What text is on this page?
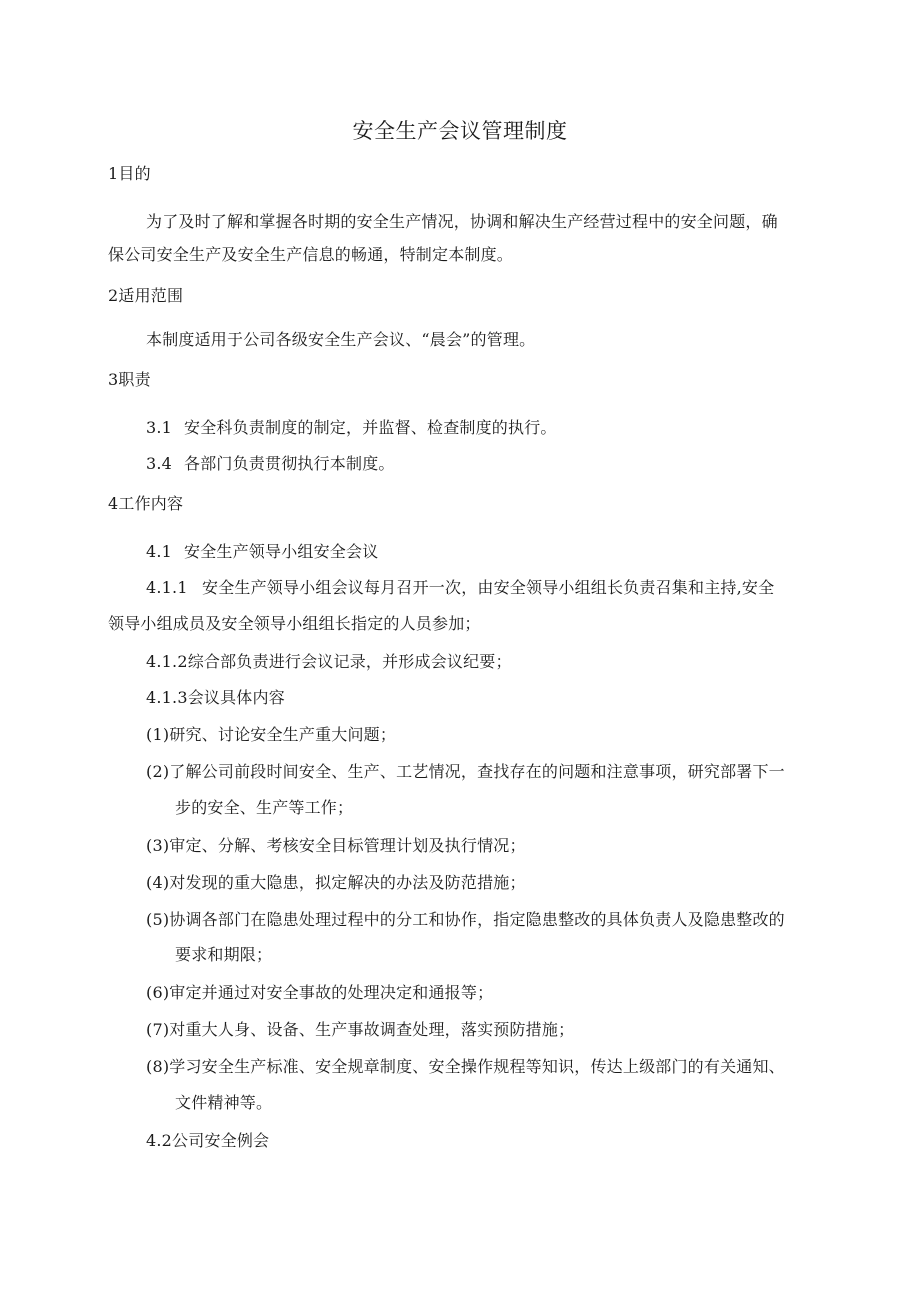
安全生产会议管理制度
1目的
为了及时了解和掌握各时期的安全生产情况，协调和解决生产经营过程中的安全问题，确
保公司安全生产及安全生产信息的畅通，特制定本制度。
2适用范围
本制度适用于公司各级安全生产会议、“晨会”的管理。
3职责
3.1 安全科负责制度的制定，并监督、检查制度的执行。
3.4 各部门负责贯彻执行本制度。
4工作内容
4.1 安全生产领导小组安全会议
4.1.1 安全生产领导小组会议每月召开一次，由安全领导小组组长负责召集和主持,安全
领导小组成员及安全领导小组组长指定的人员参加；
4.1.2综合部负责进行会议记录，并形成会议纪要；
4.1.3会议具体内容
(1)研究、讨论安全生产重大问题；
(2)了解公司前段时间安全、生产、工艺情况，查找存在的问题和注意事项，研究部署下一
步的安全、生产等工作；
(3)审定、分解、考核安全目标管理计划及执行情况；
(4)对发现的重大隐患，拟定解决的办法及防范措施；
(5)协调各部门在隐患处理过程中的分工和协作，指定隐患整改的具体负责人及隐患整改的
要求和期限；
(6)审定并通过对安全事故的处理决定和通报等；
(7)对重大人身、设备、生产事故调查处理，落实预防措施；
(8)学习安全生产标准、安全规章制度、安全操作规程等知识，传达上级部门的有关通知、
文件精神等。
4.2公司安全例会
